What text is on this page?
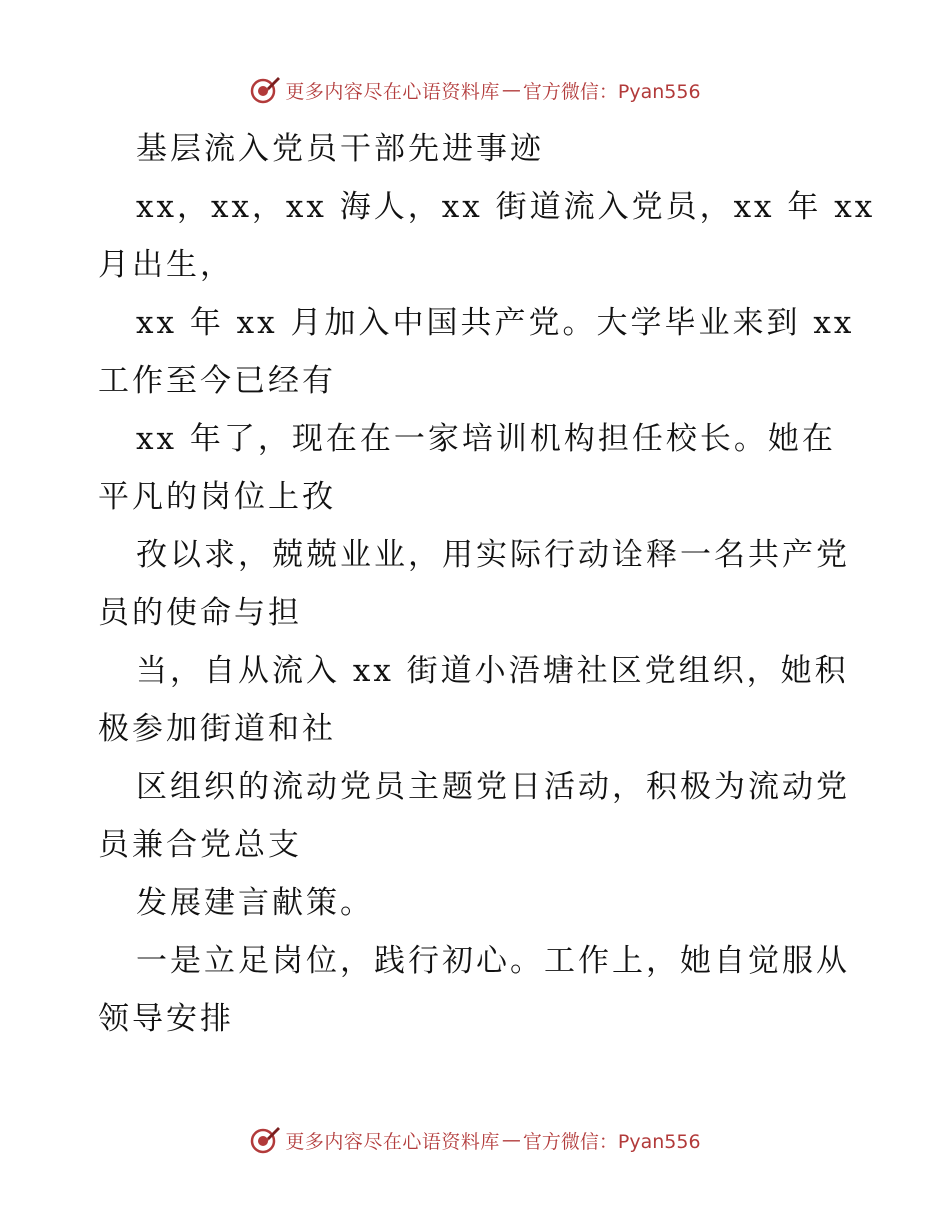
更多内容尽在心语资料库 — 官方微信：Pyan556
基层流入党员干部先进事迹
xx，xx，xx 海人，xx 街道流入党员，xx 年 xx
月出生，
xx 年 xx 月加入中国共产党。大学毕业来到 xx
工作至今已经有
xx 年了，现在在一家培训机构担任校长。她在
平凡的岗位上孜
孜以求，兢兢业业，用实际行动诠释一名共产党
员的使命与担
当，自从流入 xx 街道小浯塘社区党组织，她积
极参加街道和社
区组织的流动党员主题党日活动，积极为流动党
员兼合党总支
发展建言献策。
一是立足岗位，践行初心。工作上，她自觉服从
领导安排
更多内容尽在心语资料库 — 官方微信：Pyan556
